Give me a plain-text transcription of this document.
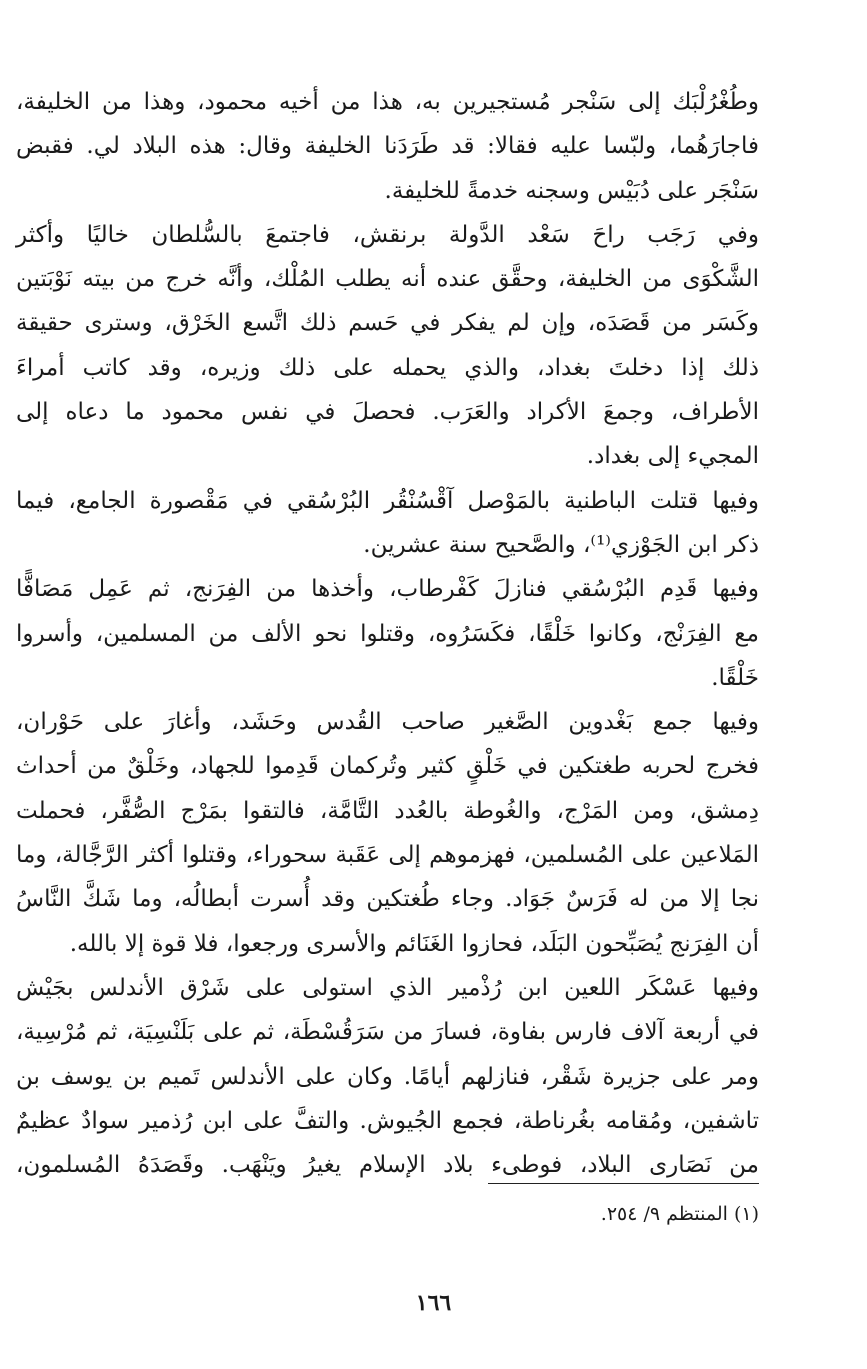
وطُغْرُلْبَك إلى سَنْجر مُستجيرين به، هذا من أخيه محمود، وهذا من الخليفة،
فاجارَهُما، ولبّسا عليه فقالا: قد طَرَدَنا الخليفة وقال: هذه البلاد لي. فقبض
سَنْجَر على دُبَيْس وسجنه خدمةً للخليفة.

وفي رَجَب راحَ سَعْد الدَّولة برنقش، فاجتمعَ بالسُّلطان خاليًا وأكثر
الشَّكْوَى من الخليفة، وحقَّق عنده أنه يطلب المُلْك، وأنَّه خرج من بيته نَوْبَتين
وكَسَر من قَصَدَه، وإن لم يفكر في حَسم ذلك اتَّسع الخَرْق، وسترى حقيقة
ذلك إذا دخلتَ بغداد، والذي يحمله على ذلك وزيره، وقد كاتب أمراءَ
الأطراف، وجمعَ الأكراد والعَرَب. فحصلَ في نفس محمود ما دعاه إلى
المجيء إلى بغداد.

وفيها قتلت الباطنية بالمَوْصل آقْسُنْقُر البُرْسُقي في مَقْصورة الجامع، فيما
ذكر ابن الجَوْزي⁽¹⁾، والصَّحيح سنة عشرين.

وفيها قَدِم البُرْسُقي فنازلَ كَفْرطاب، وأخذها من الفِرَنج، ثم عَمِل مَصَافًّا
مع الفِرَنْج، وكانوا خَلْقًا، فكَسَرُوه، وقتلوا نحو الألف من المسلمين، وأسروا
خَلْقًا.

وفيها جمع بَغْدوين الصَّغير صاحب القُدس وحَشَد، وأغارَ على حَوْران،
فخرج لحربه طغتكين في خَلْقٍ كثير وتُركمان قَدِموا للجهاد، وخَلْقٌ من أحداث
دِمشق، ومن المَرْج، والغُوطة بالعُدد التَّامَّة، فالتقوا بمَرْج الصُّفَّر، فحملت
المَلاعين على المُسلمين، فهزموهم إلى عَقَبة سحوراء، وقتلوا أكثر الرَّجَّالة، وما
نجا إلا من له فَرَسٌ جَوَاد. وجاء طُغتكين وقد أُسرت أبطالُه، وما شَكَّ النَّاسُ
أن الفِرَنج يُصَبِّحون البَلَد، فحازوا الغَنَائم والأسرى ورجعوا، فلا قوة إلا بالله.

وفيها عَسْكَر اللعين ابن رُذْمير الذي استولى على شَرْق الأندلس بجَيْش
في أربعة آلاف فارس بفاوة، فسارَ من سَرَقُسْطَة، ثم على بَلَنْسِيَة، ثم مُرْسِية،
ومر على جزيرة شَقْر، فنازلهم أيامًا. وكان على الأندلس تَميم بن يوسف بن
تاشفين، ومُقامه بغُرناطة، فجمع الجُيوش. والتفَّ على ابن رُذمير سوادٌ عظيمٌ
من نَصَارى البلاد، فوطىء بلاد الإسلام يغيرُ ويَنْهَب. وقَصَدَهُ المُسلمون،

(١) المنتظم ٩/ ٢٥٤.
١٦٦
